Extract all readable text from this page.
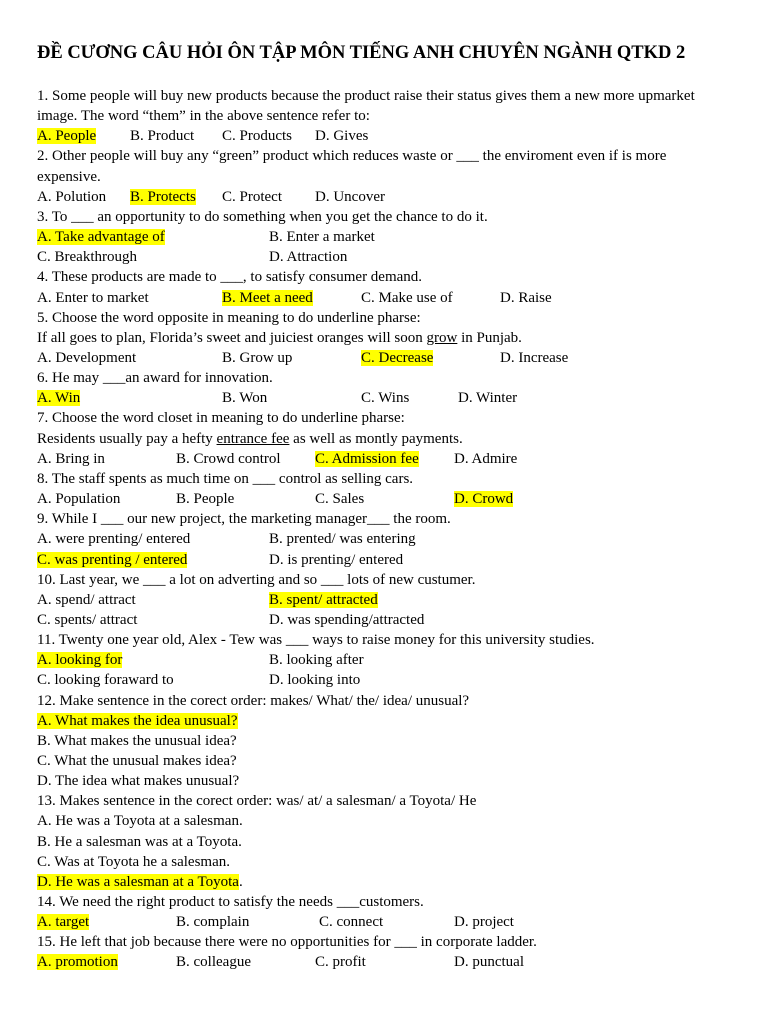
ĐỀ CƯƠNG CÂU HỎI ÔN TẬP MÔN TIẾNG ANH CHUYÊN NGÀNH QTKD 2
1. Some people will buy new products because the product raise their status gives them a new more upmarket
image. The word “them” in the above sentence refer to:
A. People B. Product C. Products D. Gives
2. Other people will buy any “green” product which reduces waste or ___ the enviroment even if is more
expensive.
A. Polution B. Protects C. Protect D. Uncover
3. To ___ an opportunity to do something when you get the chance to do it.
A. Take advantage of	B. Enter a market
C. Breakthrough	D. Attraction
4. These products are made to ___, to satisfy consumer demand.
A. Enter to market	B. Meet a need	C. Make use of	D. Raise
5. Choose the word opposite in meaning to do underline pharse:
If all goes to plan, Florida’s sweet and juiciest oranges will soon grow in Punjab.
A. Development	B. Grow up	C. Decrease	D. Increase
6. He may ___an award for innovation.
A. Win	B. Won	C. Wins	D. Winter
7. Choose the word closet in meaning to do underline pharse:
Residents usually pay a hefty entrance fee as well as montly payments.
A. Bring in	B. Crowd control C. Admission fee D. Admire
8. The staff spents as much time on ___ control as selling cars.
A. Population	B. People	C. Sales	D. Crowd
9. While I ___ our new project, the marketing manager___ the room.
A. were prenting/ entered	B. prented/ was entering
C. was prenting / entered	D. is prenting/ entered
10. Last year, we ___ a lot on adverting and so ___ lots of new custumer.
A. spend/ attract	B. spent/ attracted
C. spents/ attract	D. was spending/attracted
11. Twenty one year old, Alex - Tew was ___ ways to raise money for this university studies.
A. looking for	B. looking after
C. looking foraward to	D. looking into
12. Make sentence in the corect order: makes/ What/ the/ idea/ unusual?
A. What makes the idea unusual?
B. What makes the unusual idea?
C. What the unusual makes idea?
D. The idea what makes unusual?
13. Makes sentence in the corect order: was/ at/ a salesman/ a Toyota/ He
A. He was a Toyota at a salesman.
B. He a salesman was at a Toyota.
C. Was at Toyota he a salesman.
D. He was a salesman at a Toyota.
14. We need the right product to satisfy the needs ___customers.
A. target	B. complain	C. connect	D. project
15. He left that job because there were no opportunities for ___ in corporate ladder.
A. promotion	B. colleague	C. profit	D. punctual
